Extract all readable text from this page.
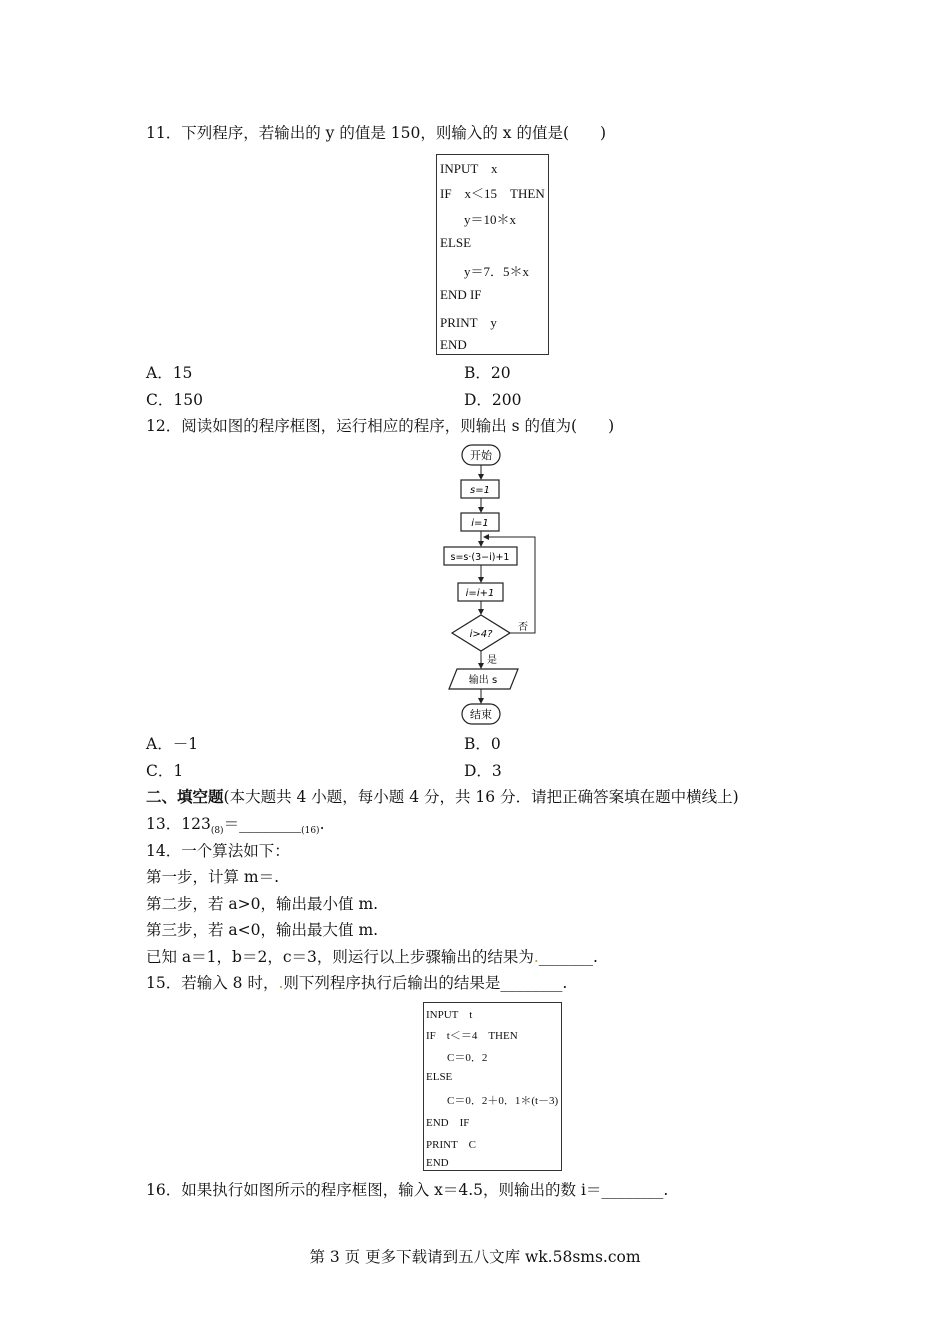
11．下列程序，若输出的 y 的值是 150，则输入的 x 的值是(　　)
INPUT　x
IF　x＜15　THEN
y＝10＊x
ELSE
y＝7．5＊x
END IF
PRINT　y
END
A．15	B．20
C．150	D．200
12．阅读如图的程序框图，运行相应的程序，则输出 s 的值为(　　)
开始
s=1
i=1
s=s·(3−i)+1
i=i+1
i>4?
否
是
输出 s
结束
A．－1	B．0
C．1	D．3
二、填空题(本大题共 4 小题，每小题 4 分，共 16 分．请把正确答案填在题中横线上)
13．$123_{(8)}=\_\_\_\_\_\_\_\__{(16)}$.
14．一个算法如下：
第一步，计算 m＝.
第二步，若 a>0，输出最小值 m.
第三步，若 a<0，输出最大值 m.
已知 a＝1，b＝2，c＝3，则运行以上步骤输出的结果为._______.
15．若输入 8 时，.则下列程序执行后输出的结果是________.
INPUT　t
IF　t＜＝4　THEN
C＝0．2
ELSE
C＝0．2＋0．1＊(t－3)
END　IF
PRINT　C
END
16．如果执行如图所示的程序框图，输入 x＝4.5，则输出的数 i＝________.
第 3 页 更多下载请到五八文库 wk.58sms.com
